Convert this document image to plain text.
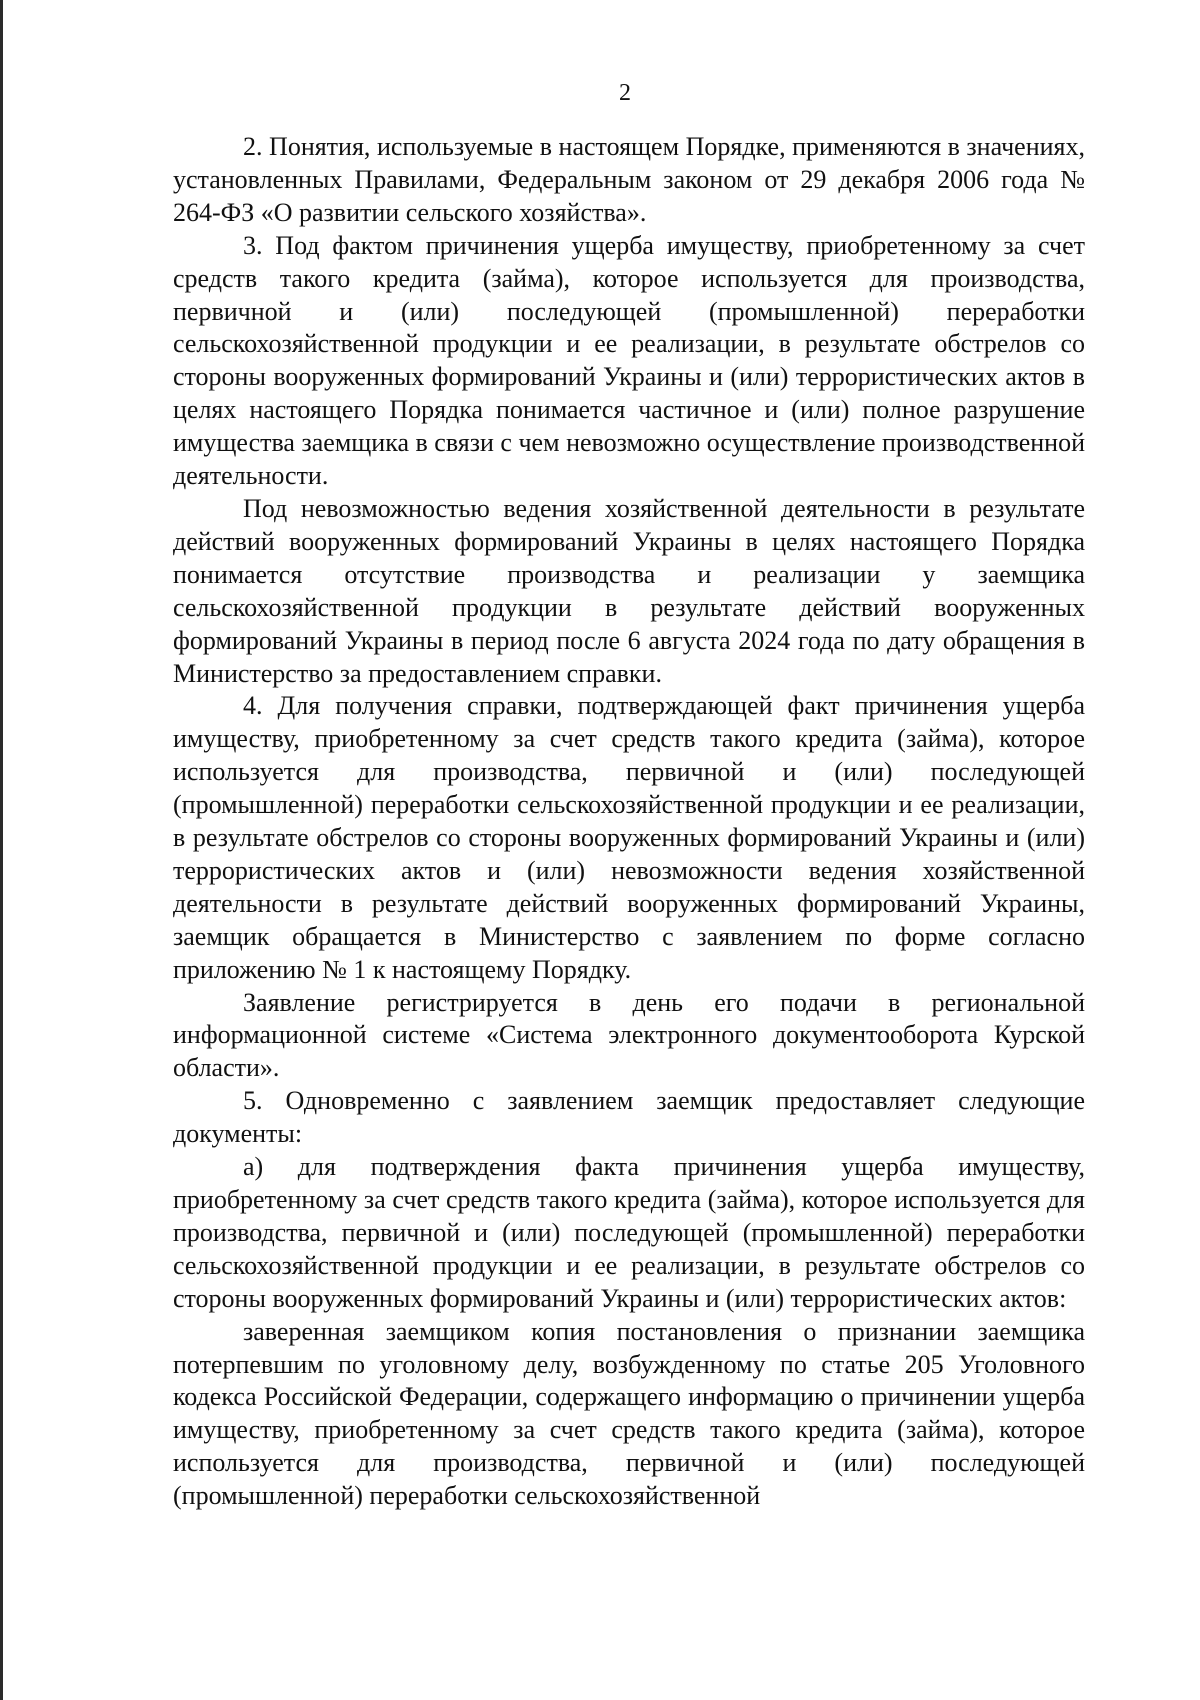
2

2. Понятия, используемые в настоящем Порядке, применяются в значениях, установленных Правилами, Федеральным законом от 29 декабря 2006 года № 264-ФЗ «О развитии сельского хозяйства».

3. Под фактом причинения ущерба имуществу, приобретенному за счет средств такого кредита (займа), которое используется для производства, первичной и (или) последующей (промышленной) переработки сельскохозяйственной продукции и ее реализации, в результате обстрелов со стороны вооруженных формирований Украины и (или) террористических актов в целях настоящего Порядка понимается частичное и (или) полное разрушение имущества заемщика в связи с чем невозможно осуществление производственной деятельности.

Под невозможностью ведения хозяйственной деятельности в результате действий вооруженных формирований Украины в целях настоящего Порядка понимается отсутствие производства и реализации у заемщика сельскохозяйственной продукции в результате действий вооруженных формирований Украины в период после 6 августа 2024 года по дату обращения в Министерство за предоставлением справки.

4. Для получения справки, подтверждающей факт причинения ущерба имуществу, приобретенному за счет средств такого кредита (займа), которое используется для производства, первичной и (или) последующей (промышленной) переработки сельскохозяйственной продукции и ее реализации, в результате обстрелов со стороны вооруженных формирований Украины и (или) террористических актов и (или) невозможности ведения хозяйственной деятельности в результате действий вооруженных формирований Украины, заемщик обращается в Министерство с заявлением по форме согласно приложению № 1 к настоящему Порядку.

Заявление регистрируется в день его подачи в региональной информационной системе «Система электронного документооборота Курской области».

5. Одновременно с заявлением заемщик предоставляет следующие документы:

а) для подтверждения факта причинения ущерба имуществу, приобретенному за счет средств такого кредита (займа), которое используется для производства, первичной и (или) последующей (промышленной) переработки сельскохозяйственной продукции и ее реализации, в результате обстрелов со стороны вооруженных формирований Украины и (или) террористических актов:

заверенная заемщиком копия постановления о признании заемщика потерпевшим по уголовному делу, возбужденному по статье 205 Уголовного кодекса Российской Федерации, содержащего информацию о причинении ущерба имуществу, приобретенному за счет средств такого кредита (займа), которое используется для производства, первичной и (или) последующей (промышленной) переработки сельскохозяйственной
